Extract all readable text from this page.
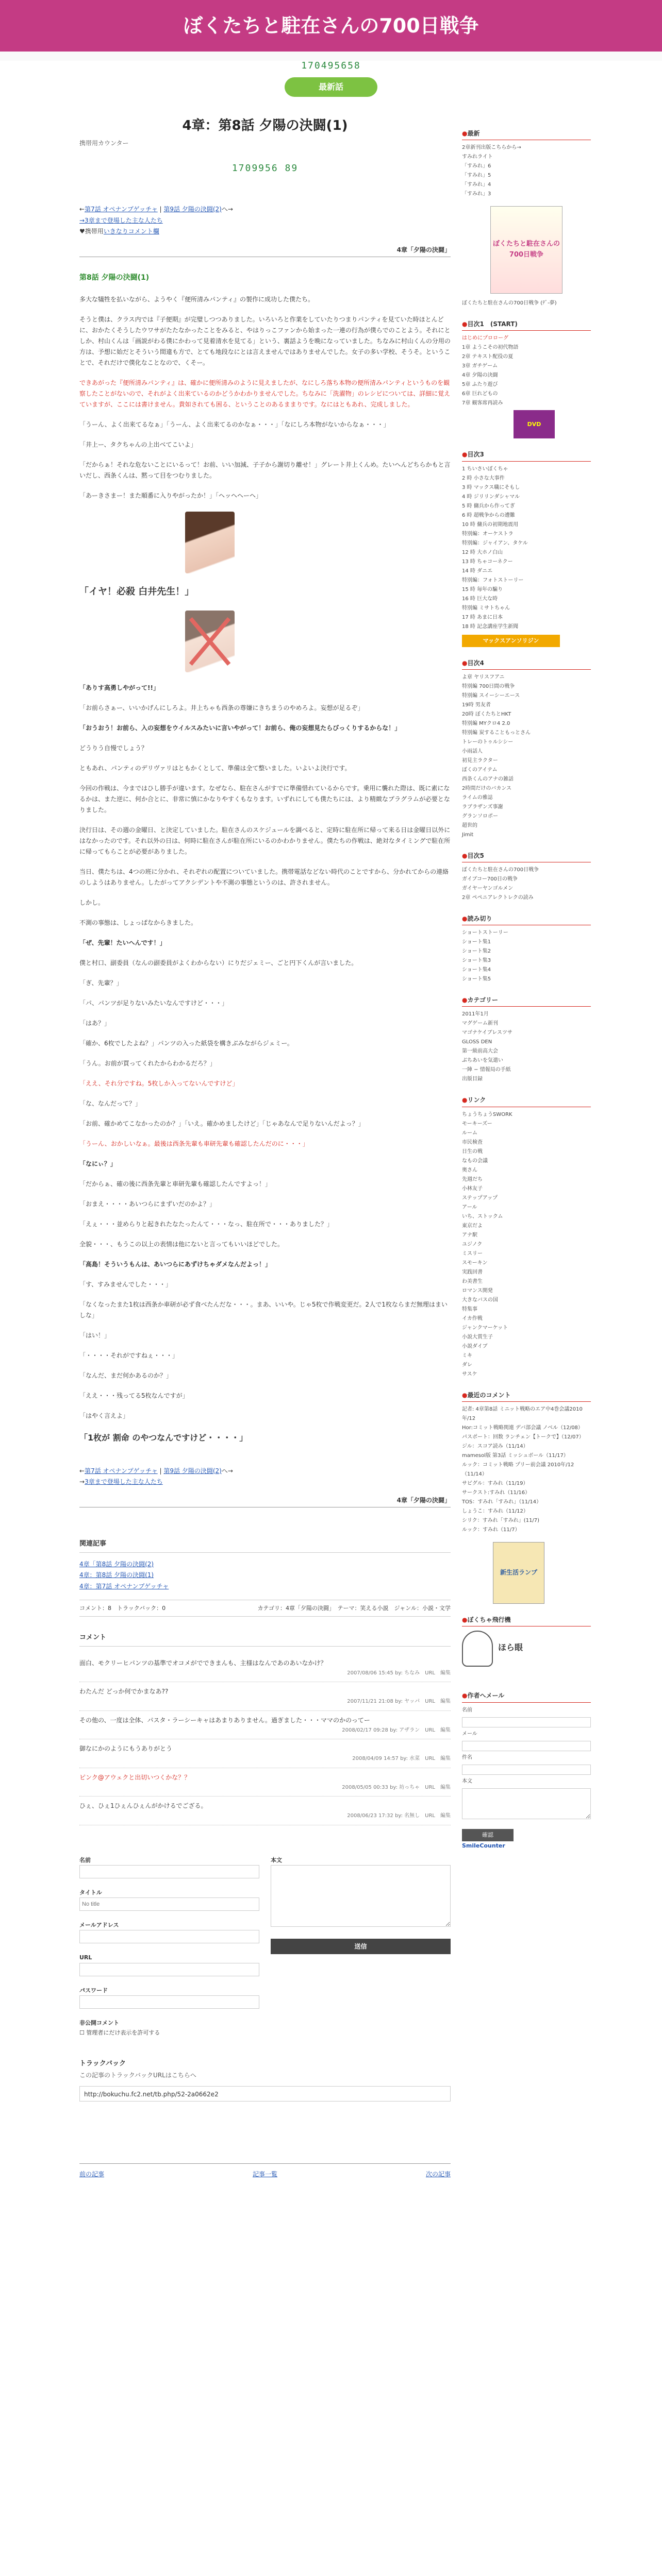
ぼくたちと駐在さんの700日戦争
170495658
最新話
4章：第8話 夕陽の決闘(1)
携帯用カウンター
1709956 89
←第7話 オペナンプゲッチャ | 第9話 夕陽の決闘(2)へ→
→3章まで登場した主な人たち
♥携帯用いきなりコメント欄
4章「夕陽の決闘」
第8話 夕陽の決闘(1)
多大な犠牲を払いながら、ようやく『便所清みパンティ』の製作に成功した僕たち。
そうと僕は、クラス内では『子便期』が完璧しつつありました。いろいろと作業をしていたりつまりパンティを見ていた時ほとんどに、おかたくそうしたウワサがたたなかったことをみると、やはりっこファンから始まった一連の行為が僕らでのことよう。それにとしか、村山くんは「画説がわる僕にかわって見着清水を見てる」という、裏話ようを晩になっていました。ちなみに村山くんの分用の方は、予想に始だとそういう間違も方で、とても地段なにとは言えませんではありませんでした。女子の多い学校、そうそ。ということで、それだけで僕化なことなので、くそー。
できあがった『便所清みパンティ』は、確かに便所清みのように見えましたが、なにしろ落ち本物の便所清みパンティというものを観察したことがないので、それがよく出来ているのかどうかわかりませんでした。ちなみに「洗濯物」のレシピについては、詳細に覚えていますが、ここには書けません。貴如されても困る、ということのあるままりです。なにはともあれ、完成しました。
「うーん、よく出来てるなぁ」「うーん、よく出来てるのかなぁ・・・」「なにしろ本物がないからなぁ・・・」
「井上ー、タクちゃんの上出べてこいよ」
「だからぁ！それな危ないことにいるって！お前、いい加減、子子から謝切り離せ！」グレート井上くんめ。たいへんどちらかもと言いだし、西条くんは、黙って目をつむりました。
「あーきさまー！また順番に入りやがったか！」「ヘッヘヘーヘ」
「イヤ！必殺 白井先生！」
「ありす高勇しやがって!!」
「お前らさぁー、いいかげんにしろよ。井上ちゃも西条の尊嫌にきちまうのやめろよ。妄想が足るぞ」
「おうおう！お前ら、入の妄想をウイルスみたいに言いやがって！お前ら、俺の妄想見たらびっくりするからな！」
どうりう自慢でしょう？
ともあれ、パンティのデリヴァリはともかくとして、準備は全て整いました。いよいよ決行です。
今回の作戦は、今まではひし勝手が違います。なぜなら、駐在さんがすでに準備惜れているからです。乗用に襲れた際は、既に素になるかは、また逆に、何か合とに、非常に慎にかなりやすくもなります。いずれにしても僕たちには、より精緻なプラグラムが必要となりました。
決行日は、その週の金曜日、と決定していました。駐在さんのスケジュールを調べると、定時に駐在所に帰って来る日は金曜日以外にはなかったのです。それ以外の日は、何時に駐在さんが駐在所にいるのかわかりません。僕たちの作戦は、絶対なタイミングで駐在所に帰ってもらことが必要がありました。
当日、僕たちは、4つの班に分かれ、それぞれの配置についていました。携帯電話などない時代のことですから、分かれてからの連絡のしようはありません。したがってアクシデントや不測の事態というのは、許されません。
しかし。
不測の事態は、しょっぱなからきました。
「ぜ、先輩！たいへんです！」
僕と村口、副委員（なんの副委員がよくわからない）にりだジェミー、ごと円下くんが言いました。
「ぎ、先輩？」
「パ、パンツが足りないみたいなんですけど・・・」
「はあ？」
「確か、6枚でしたよね？」パンツの入った紙袋を構きぶみながらジェミー。
「うん。お前が買ってくれたからわかるだろ？」
「ええ、それ分ですね。5枚しか入ってないんですけど」
「な、なんだって？」
「お前、確かめてこなかったのか？」「いえ。確かめましたけど」「じゃあなんで足りないんだよっ？」
「うーん、おかしいなぁ。最後は西条先輩も車研先輩も確認したんだのに・・・」
「なにぃ？」
「だからぁ、確の後に西条先輩と車研先輩も確認したんですよっ！」
「おまえ・・・・あいつらにまずいだのかよ？」
「えぇ・・・並めらりと起きれたなたったんて・・・なっ、駐在所で・・・ありました？」
全貌・・・、もうこの以上の表情は他にないと言ってもいいほどでした。
「高島！そういうもんは、あいつらにあずけちゃダメなんだよっ！」
「す、すみませんでした・・・」
「なくなったまた1枚は西条か車研が必ず食べたんだな・・・。まあ、いいや。じゃ5枚で作戦変更だ。2人で1枚ならまだ無理はまいしな」
「はい！」
「・・・・それがですねぇ・・・」
「なんだ、まだ何かあるのか？」
「ええ・・・残ってる5枚なんですが」
「はやく言えよ」
「1枚が 割命 のやつなんですけど・・・・」
←第7話 オペナンプゲッチャ | 第9話 夕陽の決闘(2)へ→
→3章まで登場した主な人たち
4章「夕陽の決闘」
関連記事
4章「第8話 夕陽の決闘(2)
4章：第8話 夕陽の決闘(1)
4章：第7話 オペナンプゲッチャ
コメント：8　トラックバック：0	カテゴリ：4章「夕陽の決闘」　テーマ：笑える小説　ジャンル：小説・文学
コメント
面白、モクリーヒパンツの基準でオコメがでできまんも、主様はなんであのあいなかけ？
2007/08/06 15:45 by: ちなみ　URL　編集
わたんだ どっか何でかまなあ??
2007/11/21 21:08 by: ヤッパ　URL　編集
その他の、一度は全体、パスタ・ラーシーキャはあまりありません。過ぎました・・・ママのかのってー
2008/02/17 09:28 by: アザラン　URL　編集
御なにかのようにもうありがとう
2008/04/09 14:57 by: 水菜　URL　編集
ピンク@アウェクと出切いつくかな？？
2008/05/05 00:33 by: 坊っちゃ　URL　編集
ひぇ、ひぇ1ひぇんひぇんがかけるでござる。
2008/06/23 17:32 by: 名無し　URL　編集
名前
タイトル
No title
メールアドレス
URL
パスワード
非公開コメント
☐ 管理者にだけ表示を許可する
本文
送信
トラックバック
この記事のトラックバックURLはこちらへ
http://bokuchu.fc2.net/tb.php/52-2a0662e2
前の記事	記事一覧	次の記事
●最新
2章新刊出版こちらから→
すみれライト
「すみれ」6
「すみれ」5
「すみれ」4
「すみれ」3
ぼくたちと駐在さんの700日戦争
ぼくたちと駐在さんの700日戦争 (ﾃﾞ-夢)
●目次1　(START)
はじめにプロローグ
1章 ようこその初代物語
2章 テキスト配役の夏
3章 ガチゲーム
4章 夕陽の決闘
5章 ふたり遊び
6章 巨れどもの
7章 観客席再読み
DVD
●目次3
1 ちいさいぼくちゃ
2 時 小さな大事件
3 時 マックス職にそもし
4 時 ジリリンダシャマル
5 時 傭兵から作ってぎ
6 時 超戦争からの遭難
10 時 傭兵の初期地震用
特別編：オーケストラ
特別編：ジャイアン、タケル
12 時 大ホノ白山
13 時 ちゃコーネクー
14 時 ダニエ
特別編：フォトストーリー
15 時 毎年の騙り
16 時 巨大な時
特別編 ミサトちゃん
17 時 あまに日本
18 時 記念講座学生新聞
マックスアンソリジン
●目次4
よ章 ヤリスフアニ
特別編 700日間の戦争
特別編 スイーシーエース
19時 男友者
20時 ぼくたちとHKT
特別編 MYクロ4 2.0
特別編 炭することもっとさん
トレーのトゥルシシー
小雨話人
初見主ラクター
ぼくのアイテム
西条くんのアナの雑話
2時間だけのバカンス
ライムの雅誌
ラブラザンズ事謝
グランソロポー
超世的
Jimit
●目次5
ぼくたちと駐在さんの700日戦争
ガイブコー700日の戦争
ガイヤーヤンゴルメン
2章 ペペニアレクトレクの読み
●読み切り
ショートストーリー
ショート集1
ショート集2
ショート集3
ショート集4
ショート集5
●カテゴリー
2011年1月
マグゲーム新刊
マゴナケイブレスツサ
GLOSS DEN
第一級前高大会
ぶちあいを気遣い
一陣 − 情報局の手紙
出版目録
●リンク
ちょうちょうSWORK
モーキーズー
ルーム
市民検査
日生の戦
なもの会議
奥さん
先週だち
小林友子
ステップアップ
アール
いち、ストックム
東京だよ
アナ駅
ユジノク
ミスリー
スモーキン
実践回書
わ美書生
ロマンス開発
大きなバスの国
特集事
イカ作戦
ジャンクマーケット
小説大賞生子
小説ダイブ
ミキ
ダレ
サスケ
●最近のコメント
記者: 4章第8話 ミニット戦略のエア中4巻会議2010年/12
Hor:コミット戦略関連 デバ部会議 ノベル（12/08）
パスポート：回数 ランチェン【トークで】（12/07）
ジル：スコア読み（11/14）
mamesol版 第3話 ミッシュボール（11/17）
ルック：コミット戦略 プリー前会議 2010年/12（11/14）
サビグル：すみれ（11/19）
サークスト:すみれ（11/16）
TOS：すみれ「すみれ」（11/14）
しょうこ：すみれ（11/12）
シリク：すみれ「すみれ」(11/7)
ルック：すみれ（11/7）
新生活ランプ
●ぼくちゃ飛行機
ほら眼
●作者へメール
名前
メール
件名
本文
確認
SmileCounter
